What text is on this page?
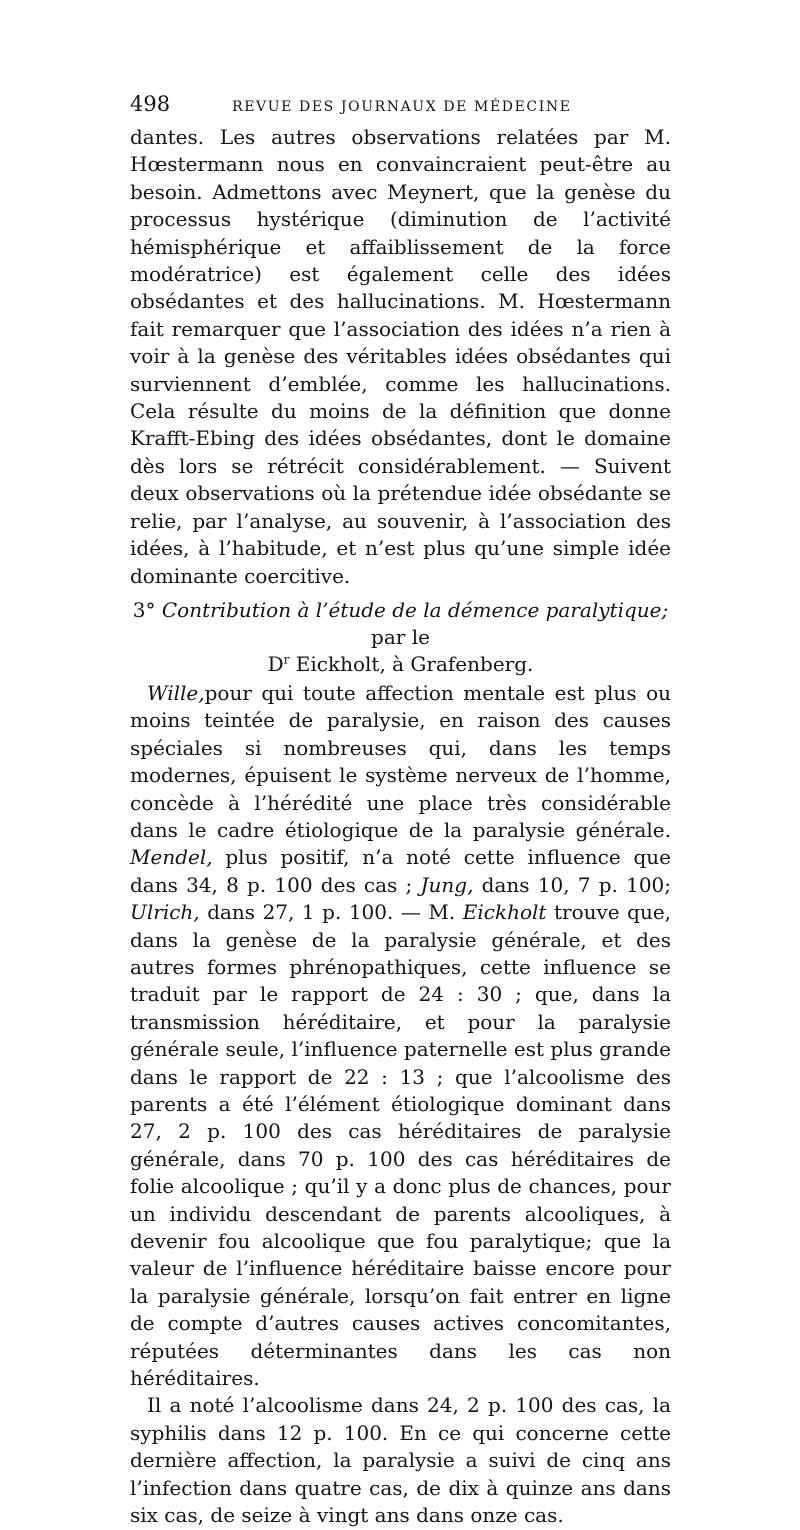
498	REVUE DES JOURNAUX DE MÉDECINE

dantes. Les autres observations relatées par M. Hœstermann nous en convaincraient peut-être au besoin. Admettons avec Meynert, que la genèse du processus hystérique (diminution de l’activité hémisphérique et affaiblissement de la force modératrice) est également celle des idées obsédantes et des hallucinations. M. Hœstermann fait remarquer que l’association des idées n’a rien à voir à la genèse des véritables idées obsédantes qui surviennent d’emblée, comme les hallucinations. Cela résulte du moins de la définition que donne Krafft-Ebing des idées obsédantes, dont le domaine dès lors se rétrécit considérablement. — Suivent deux observations où la prétendue idée obsédante se relie, par l’analyse, au souvenir, à l’association des idées, à l’habitude, et n’est plus qu’une simple idée dominante coercitive.

3° Contribution à l’étude de la démence paralytique; par le
$D^r$ Eickholt, à Grafenberg.

Wille,pour qui toute affection mentale est plus ou moins teintée de paralysie, en raison des causes spéciales si nombreuses qui, dans les temps modernes, épuisent le système nerveux de l’homme, concède à l’hérédité une place très considérable dans le cadre étiologique de la paralysie générale. Mendel, plus positif, n’a noté cette influence que dans 34, 8 p. 100 des cas ; Jung, dans 10, 7 p. 100; Ulrich, dans 27, 1 p. 100. — M. Eickholt trouve que, dans la genèse de la paralysie générale, et des autres formes phrénopathiques, cette influence se traduit par le rapport de 24 : 30 ; que, dans la transmission héréditaire, et pour la paralysie générale seule, l’influence paternelle est plus grande dans le rapport de 22 : 13 ; que l’alcoolisme des parents a été l’élément étiologique dominant dans 27, 2 p. 100 des cas héréditaires de paralysie générale, dans 70 p. 100 des cas héréditaires de folie alcoolique ; qu’il y a donc plus de chances, pour un individu descendant de parents alcooliques, à devenir fou alcoolique que fou paralytique; que la valeur de l’influence héréditaire baisse encore pour la paralysie générale, lorsqu’on fait entrer en ligne de compte d’autres causes actives concomitantes, réputées déterminantes dans les cas non héréditaires.

Il a noté l’alcoolisme dans 24, 2 p. 100 des cas, la syphilis dans 12 p. 100. En ce qui concerne cette dernière affection, la paralysie a suivi de cinq ans l’infection dans quatre cas, de dix à quinze ans dans six cas, de seize à vingt ans dans onze cas.
